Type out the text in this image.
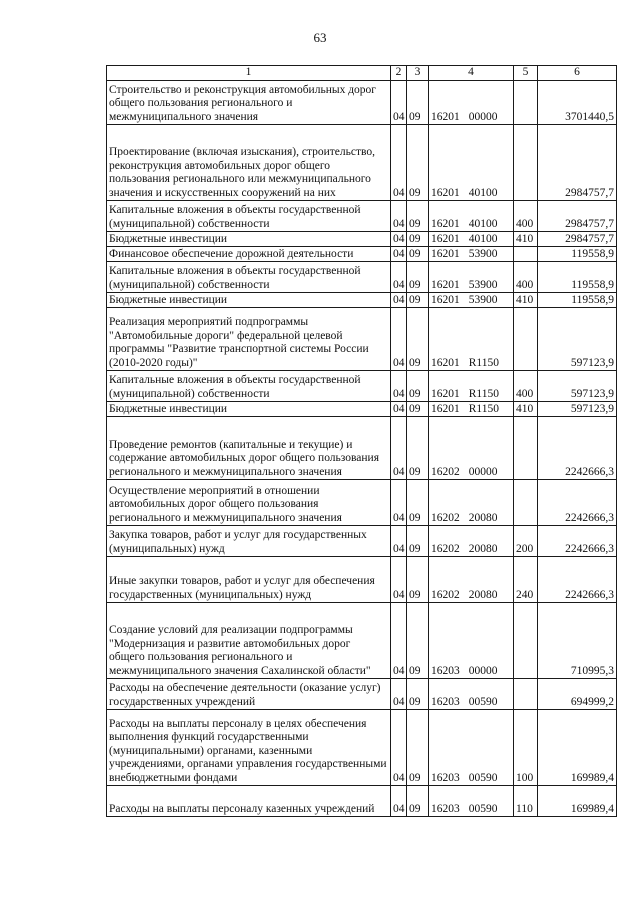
63
1	2	3	4	5	6
Строительство и реконструкция автомобильных дорог общего пользования регионального и межмуниципального значения	04	09	16201 00000		3701440,5
Проектирование (включая изыскания), строительство, реконструкция автомобильных дорог общего пользования регионального или межмуниципального значения и искусственных сооружений на них	04	09	16201 40100		2984757,7
Капитальные вложения в объекты государственной (муниципальной) собственности	04	09	16201 40100	400	2984757,7
Бюджетные инвестиции	04	09	16201 40100	410	2984757,7
Финансовое обеспечение дорожной деятельности	04	09	16201 53900		119558,9
Капитальные вложения в объекты государственной (муниципальной) собственности	04	09	16201 53900	400	119558,9
Бюджетные инвестиции	04	09	16201 53900	410	119558,9
Реализация мероприятий подпрограммы "Автомобильные дороги" федеральной целевой программы "Развитие транспортной системы России (2010-2020 годы)"	04	09	16201 R1150		597123,9
Капитальные вложения в объекты государственной (муниципальной) собственности	04	09	16201 R1150	400	597123,9
Бюджетные инвестиции	04	09	16201 R1150	410	597123,9
Проведение ремонтов (капитальные и текущие) и содержание автомобильных дорог общего пользования регионального и межмуниципального значения	04	09	16202 00000		2242666,3
Осуществление мероприятий в отношении автомобильных дорог общего пользования регионального и межмуниципального значения	04	09	16202 20080		2242666,3
Закупка товаров, работ и услуг для государственных (муниципальных) нужд	04	09	16202 20080	200	2242666,3
Иные закупки товаров, работ и услуг для обеспечения государственных (муниципальных) нужд	04	09	16202 20080	240	2242666,3
Создание условий для реализации подпрограммы "Модернизация и развитие автомобильных дорог общего пользования регионального и межмуниципального значения Сахалинской области"	04	09	16203 00000		710995,3
Расходы на обеспечение деятельности (оказание услуг) государственных учреждений	04	09	16203 00590		694999,2
Расходы на выплаты персоналу в целях обеспечения выполнения функций государственными (муниципальными) органами, казенными учреждениями, органами управления государственными внебюджетными фондами	04	09	16203 00590	100	169989,4
Расходы на выплаты персоналу казенных учреждений	04	09	16203 00590	110	169989,4
